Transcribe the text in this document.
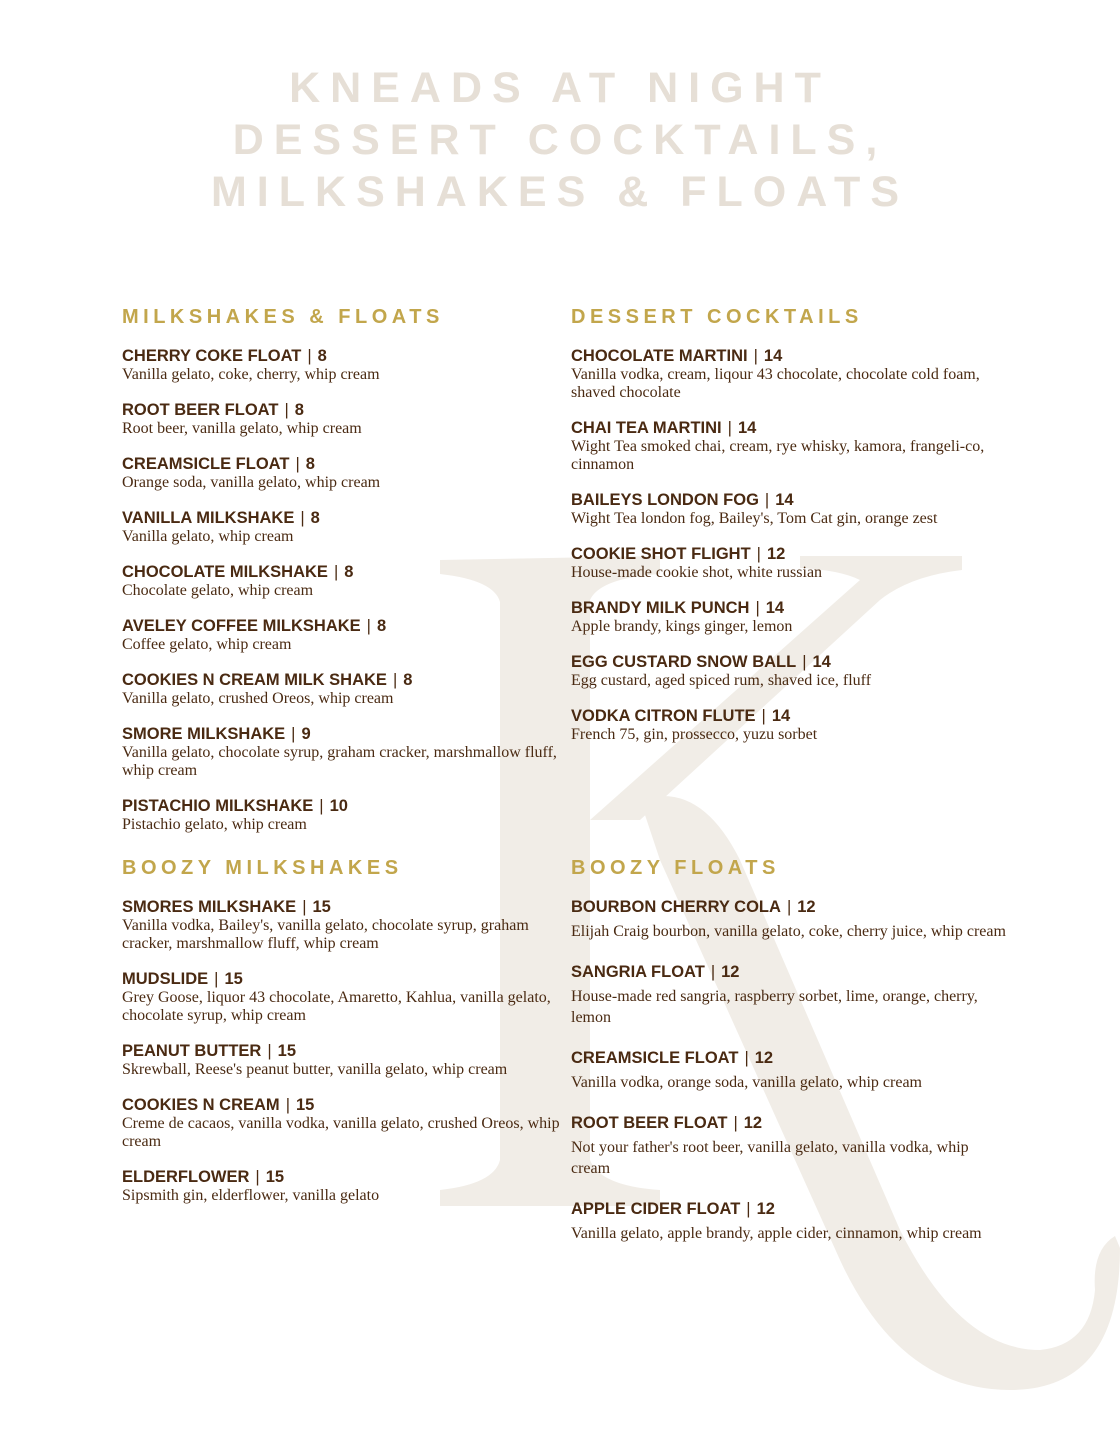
KNEADS AT NIGHT
DESSERT COCKTAILS,
MILKSHAKES & FLOATS
MILKSHAKES & FLOATS
CHERRY COKE FLOAT | 8
Vanilla gelato, coke, cherry, whip cream
ROOT BEER FLOAT | 8
Root beer, vanilla gelato, whip cream
CREAMSICLE FLOAT | 8
Orange soda, vanilla gelato, whip cream
VANILLA MILKSHAKE | 8
Vanilla gelato, whip cream
CHOCOLATE MILKSHAKE | 8
Chocolate gelato, whip cream
AVELEY COFFEE MILKSHAKE | 8
Coffee gelato, whip cream
COOKIES N CREAM MILK SHAKE | 8
Vanilla gelato, crushed Oreos, whip cream
SMORE MILKSHAKE | 9
Vanilla gelato, chocolate syrup, graham cracker, marshmallow fluff, whip cream
PISTACHIO MILKSHAKE | 10
Pistachio gelato, whip cream
DESSERT COCKTAILS
CHOCOLATE MARTINI | 14
Vanilla vodka, cream, liqour 43 chocolate, chocolate cold foam, shaved chocolate
CHAI TEA MARTINI | 14
Wight Tea smoked chai, cream, rye whisky, kamora, frangeli-co, cinnamon
BAILEYS LONDON FOG | 14
Wight Tea london fog, Bailey's, Tom Cat gin, orange zest
COOKIE SHOT FLIGHT | 12
House-made cookie shot, white russian
BRANDY MILK PUNCH | 14
Apple brandy, kings ginger, lemon
EGG CUSTARD SNOW BALL | 14
Egg custard, aged spiced rum, shaved ice, fluff
VODKA CITRON FLUTE | 14
French 75, gin, prossecco, yuzu sorbet
BOOZY MILKSHAKES
SMORES MILKSHAKE | 15
Vanilla vodka, Bailey's, vanilla gelato, chocolate syrup, graham cracker, marshmallow fluff, whip cream
MUDSLIDE | 15
Grey Goose, liquor 43 chocolate, Amaretto, Kahlua, vanilla gelato, chocolate syrup, whip cream
PEANUT BUTTER | 15
Skrewball, Reese's peanut butter, vanilla gelato, whip cream
COOKIES N CREAM | 15
Creme de cacaos, vanilla vodka, vanilla gelato, crushed Oreos, whip cream
ELDERFLOWER | 15
Sipsmith gin, elderflower, vanilla gelato
BOOZY FLOATS
BOURBON CHERRY COLA | 12
Elijah Craig bourbon, vanilla gelato, coke, cherry juice, whip cream
SANGRIA FLOAT | 12
House-made red sangria, raspberry sorbet, lime, orange, cherry, lemon
CREAMSICLE FLOAT | 12
Vanilla vodka, orange soda, vanilla gelato, whip cream
ROOT BEER FLOAT | 12
Not your father's root beer, vanilla gelato, vanilla vodka, whip cream
APPLE CIDER FLOAT | 12
Vanilla gelato, apple brandy, apple cider, cinnamon, whip cream
